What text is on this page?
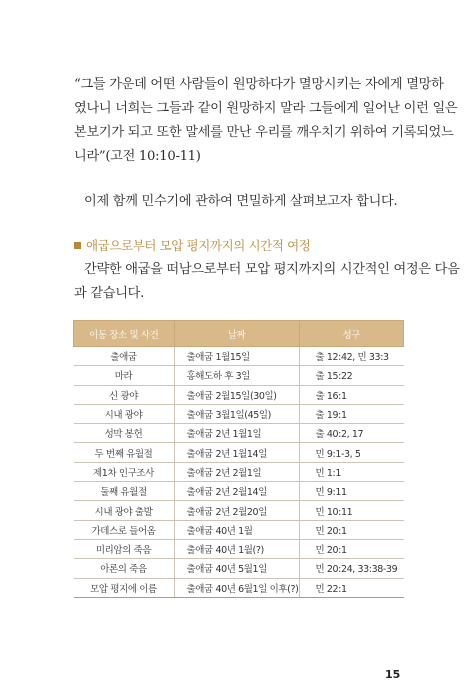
“그들 가운데 어떤 사람들이 원망하다가 멸망시키는 자에게 멸망하
였나니 너희는 그들과 같이 원망하지 말라 그들에게 일어난 이런 일은
본보기가 되고 또한 말세를 만난 우리를 깨우치기 위하여 기록되었느
니라”(고전 10:10-11)

이제 함께 민수기에 관하여 면밀하게 살펴보고자 합니다.

애굽으로부터 모압 평지까지의 시간적 여정

간략한 애굽을 떠남으로부터 모압 평지까지의 시간적인 여정은 다음
과 같습니다.

이동 장소 및 사건	날짜	성구
출애굽	출애굽 1월15일	출 12:42, 민 33:3
마라	홍해도하 후 3일	출 15:22
신 광야	출애굽 2월15일(30일)	출 16:1
시내 광야	출애굽 3월1일(45일)	출 19:1
성막 봉헌	출애굽 2년 1월1일	출 40:2, 17
두 번째 유월절	출애굽 2년 1월14일	민 9:1-3, 5
제1차 인구조사	출애굽 2년 2월1일	민 1:1
둘째 유월절	출애굽 2년 2월14일	민 9:11
시내 광야 출발	출애굽 2년 2월20일	민 10:11
가데스로 들어옴	출애굽 40년 1월	민 20:1
미리암의 죽음	출애굽 40년 1월(?)	민 20:1
아론의 죽음	출애굽 40년 5월1일	민 20:24, 33:38-39
모압 평지에 이름	출애굽 40년 6월1일 이후(?)	민 22:1
15
